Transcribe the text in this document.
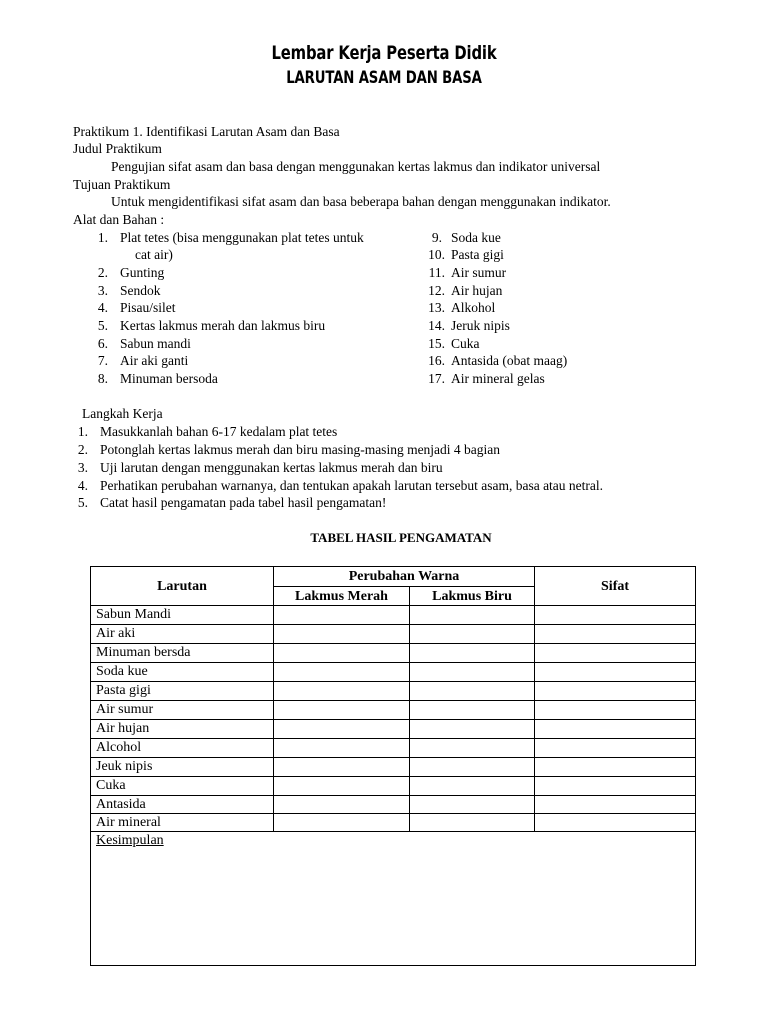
Lembar Kerja Peserta Didik
LARUTAN ASAM DAN BASA
Praktikum 1. Identifikasi Larutan Asam dan Basa
Judul Praktikum
Pengujian sifat asam dan basa dengan menggunakan kertas lakmus dan indikator universal
Tujuan Praktikum
Untuk mengidentifikasi sifat asam dan basa beberapa bahan dengan menggunakan indikator.
Alat dan Bahan :
1. Plat tetes (bisa menggunakan plat tetes untuk
cat air)
2. Gunting
3. Sendok
4. Pisau/silet
5. Kertas lakmus merah dan lakmus biru
6. Sabun mandi
7. Air aki ganti
8. Minuman bersoda
9. Soda kue
10. Pasta gigi
11. Air sumur
12. Air hujan
13. Alkohol
14. Jeruk nipis
15. Cuka
16. Antasida (obat maag)
17. Air mineral gelas
Langkah Kerja
1. Masukkanlah bahan 6-17 kedalam plat tetes
2. Potonglah kertas lakmus merah dan biru masing-masing menjadi 4 bagian
3. Uji larutan dengan menggunakan kertas lakmus merah dan biru
4. Perhatikan perubahan warnanya, dan tentukan apakah larutan tersebut asam, basa atau netral.
5. Catat hasil pengamatan pada tabel hasil pengamatan!
TABEL HASIL PENGAMATAN
Larutan	Perubahan Warna		Sifat
	Lakmus Merah	Lakmus Biru	
Sabun Mandi			
Air aki			
Minuman bersda			
Soda kue			
Pasta gigi			
Air sumur			
Air hujan			
Alcohol			
Jeuk nipis			
Cuka			
Antasida			
Air mineral			
Kesimpulan			
